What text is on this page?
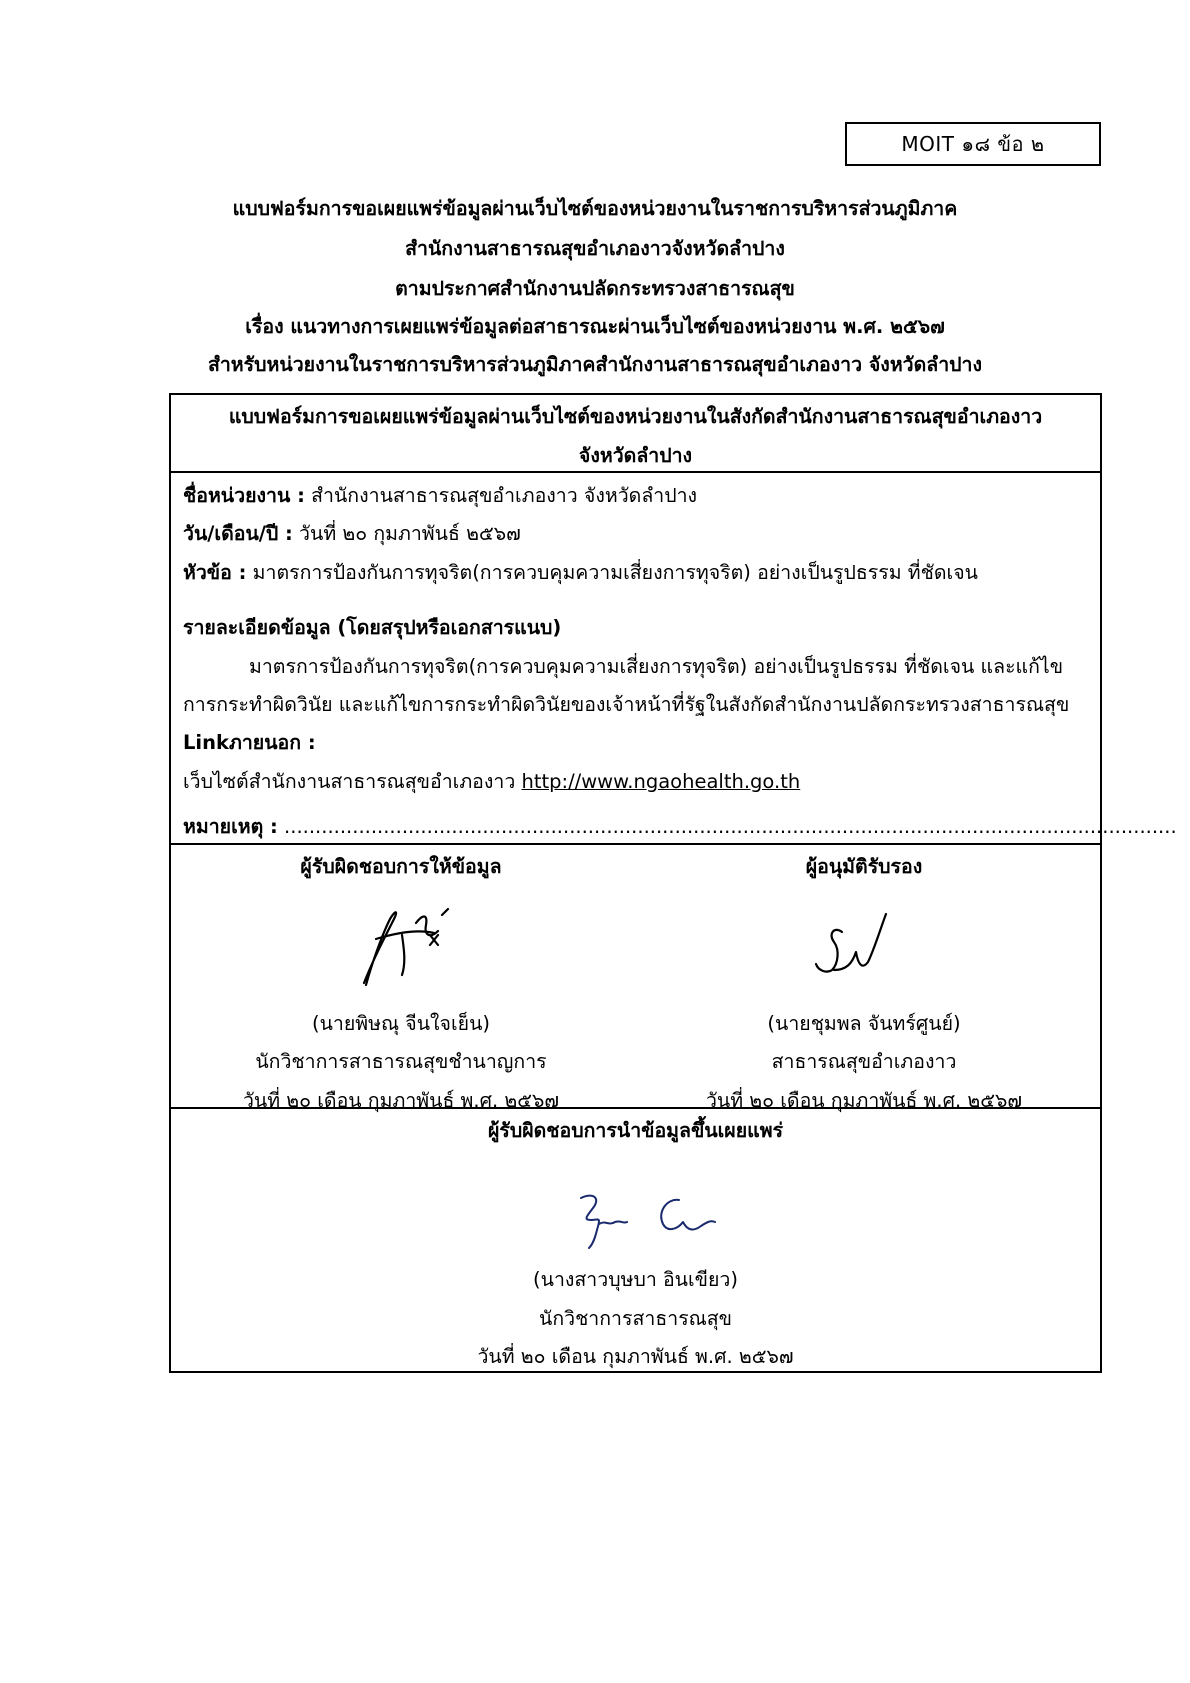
MOIT ๑๘ ข้อ ๒
แบบฟอร์มการขอเผยแพร่ข้อมูลผ่านเว็บไซต์ของหน่วยงานในราชการบริหารส่วนภูมิภาค
สำนักงานสาธารณสุขอำเภองาวจังหวัดลำปาง
ตามประกาศสำนักงานปลัดกระทรวงสาธารณสุข
เรื่อง แนวทางการเผยแพร่ข้อมูลต่อสาธารณะผ่านเว็บไซต์ของหน่วยงาน พ.ศ. ๒๕๖๗
สำหรับหน่วยงานในราชการบริหารส่วนภูมิภาคสำนักงานสาธารณสุขอำเภองาว จังหวัดลำปาง
แบบฟอร์มการขอเผยแพร่ข้อมูลผ่านเว็บไซต์ของหน่วยงานในสังกัดสำนักงานสาธารณสุขอำเภองาว
จังหวัดลำปาง
ชื่อหน่วยงาน : สำนักงานสาธารณสุขอำเภองาว จังหวัดลำปาง
วัน/เดือน/ปี : วันที่ ๒๐ กุมภาพันธ์ ๒๕๖๗
หัวข้อ : มาตรการป้องกันการทุจริต(การควบคุมความเสี่ยงการทุจริต) อย่างเป็นรูปธรรม ที่ชัดเจน
รายละเอียดข้อมูล (โดยสรุปหรือเอกสารแนบ)
มาตรการป้องกันการทุจริต(การควบคุมความเสี่ยงการทุจริต) อย่างเป็นรูปธรรม ที่ชัดเจน และแก้ไข
การกระทำผิดวินัย และแก้ไขการกระทำผิดวินัยของเจ้าหน้าที่รัฐในสังกัดสำนักงานปลัดกระทรวงสาธารณสุข
Linkภายนอก :
เว็บไซต์สำนักงานสาธารณสุขอำเภองาว http://www.ngaohealth.go.th
หมายเหตุ : ................................................................................................................................................
ผู้รับผิดชอบการให้ข้อมูล
(นายพิษณุ จีนใจเย็น)
นักวิชาการสาธารณสุขชำนาญการ
วันที่ ๒๐ เดือน กุมภาพันธ์ พ.ศ. ๒๕๖๗
ผู้อนุมัติรับรอง
(นายชุมพล จันทร์ศูนย์)
สาธารณสุขอำเภองาว
วันที่ ๒๐ เดือน กุมภาพันธ์ พ.ศ. ๒๕๖๗
ผู้รับผิดชอบการนำข้อมูลขึ้นเผยแพร่
(นางสาวบุษบา อินเขียว)
นักวิชาการสาธารณสุข
วันที่ ๒๐ เดือน กุมภาพันธ์ พ.ศ. ๒๕๖๗
